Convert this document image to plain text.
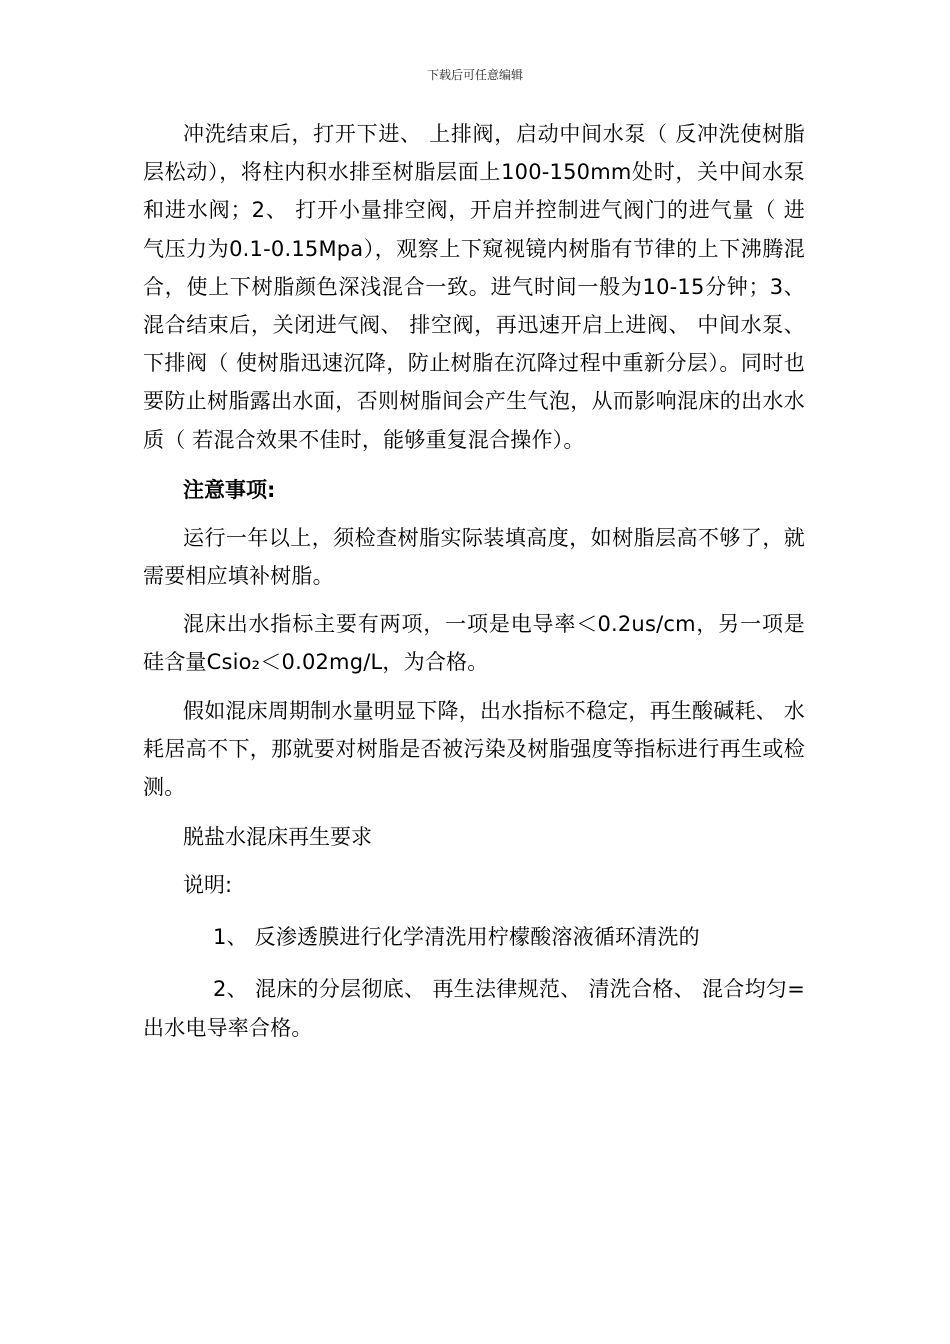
下载后可任意编辑

冲洗结束后，打开下进、 上排阀，启动中间水泵（ 反冲洗使树脂层松动），将柱内积水排至树脂层面上100-150mm处时，关中间水泵和进水阀；2、 打开小量排空阀，开启并控制进气阀门的进气量（ 进气压力为0.1-0.15Mpa），观察上下窥视镜内树脂有节律的上下沸腾混合，使上下树脂颜色深浅混合一致。进气时间一般为10-15分钟；3、 混合结束后，关闭进气阀、 排空阀，再迅速开启上进阀、 中间水泵、 下排阀（ 使树脂迅速沉降，防止树脂在沉降过程中重新分层）。同时也要防止树脂露出水面，否则树脂间会产生气泡，从而影响混床的出水水质（ 若混合效果不佳时，能够重复混合操作）。

注意事项:

运行一年以上，须检查树脂实际装填高度，如树脂层高不够了，就需要相应填补树脂。

混床出水指标主要有两项，一项是电导率＜0.2us/cm，另一项是硅含量Csio₂＜0.02mg/L，为合格。

假如混床周期制水量明显下降，出水指标不稳定，再生酸碱耗、 水耗居高不下，那就要对树脂是否被污染及树脂强度等指标进行再生或检测。

脱盐水混床再生要求

说明:

1、 反渗透膜进行化学清洗用柠檬酸溶液循环清洗的

2、 混床的分层彻底、 再生法律规范、 清洗合格、 混合均匀=出水电导率合格。
